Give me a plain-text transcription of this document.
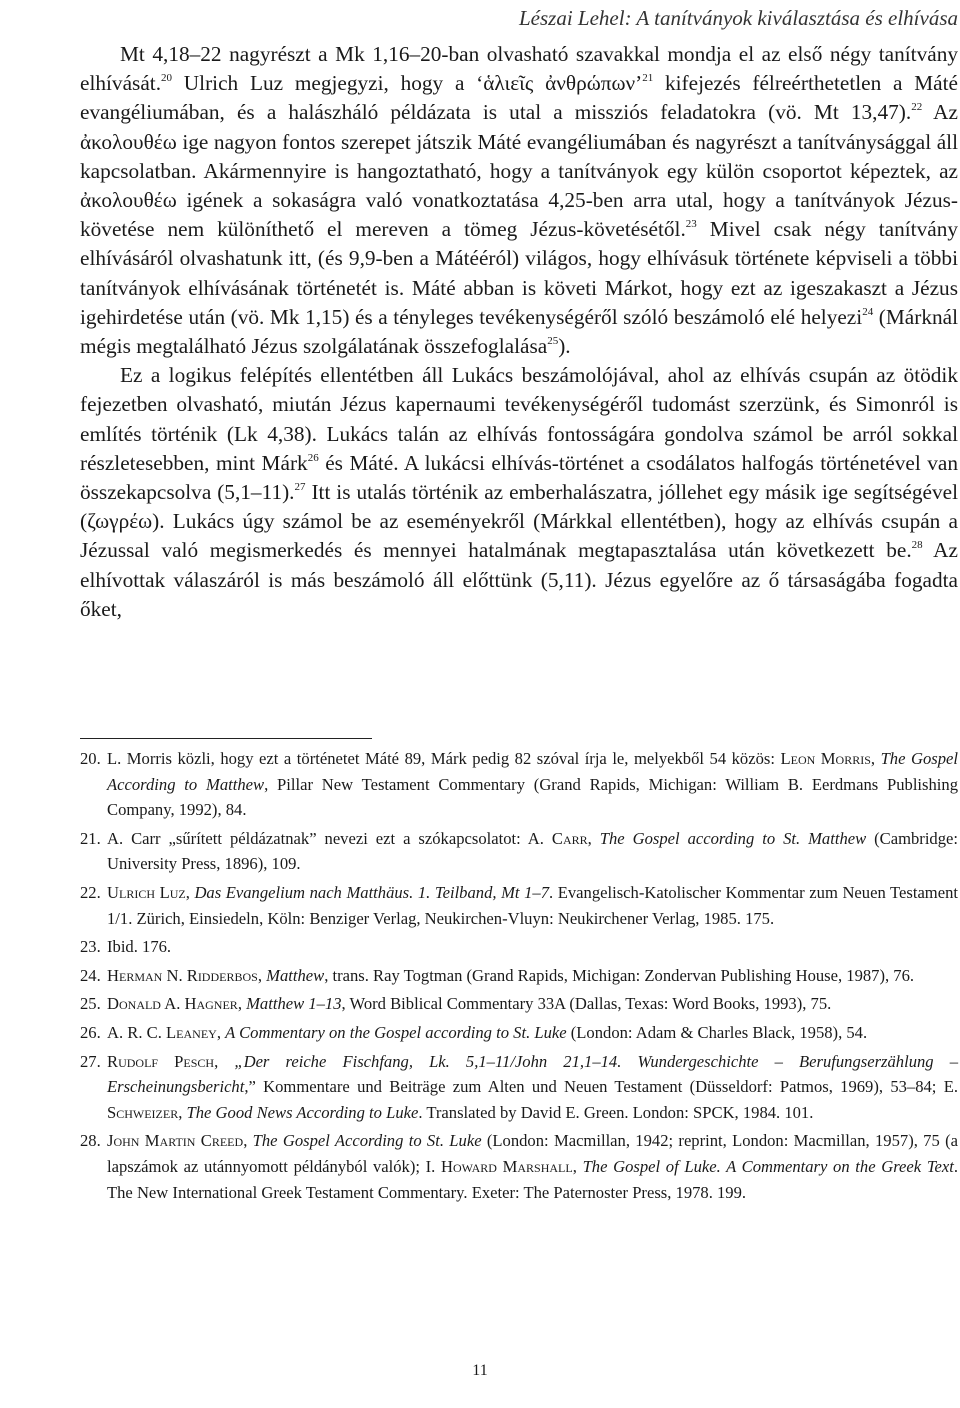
Lészai Lehel: A tanítványok kiválasztása és elhívása

Mt 4,18–22 nagyrészt a Mk 1,16–20-ban olvasható szavakkal mondja el az első négy tanítvány elhívását.$^{20}$ Ulrich Luz megjegyzi, hogy a ‘ἁλιεῖς ἀνθρώπων’$^{21}$ kifejezés félreérthetetlen a Máté evangéliumában, és a halászháló példázata is utal a missziós feladatokra (vö. Mt 13,47).$^{22}$ Az ἀκολουθέω ige nagyon fontos szerepet játszik Máté evangéliumában és nagyrészt a tanítványsággal áll kapcsolatban. Akármennyire is hangoztatható, hogy a tanítványok egy külön csoportot képeztek, az ἀκολουθέω igének a sokaságra való vonatkoztatása 4,25-ben arra utal, hogy a tanítványok Jézus-követése nem különíthető el mereven a tömeg Jézus-követésétől.$^{23}$ Mivel csak négy tanítvány elhívásáról olvashatunk itt, (és 9,9-ben a Mátééról) világos, hogy elhívásuk története képviseli a többi tanítványok elhívásának történetét is. Máté abban is követi Márkot, hogy ezt az igeszakaszt a Jézus igehirdetése után (vö. Mk 1,15) és a tényleges tevékenységéről szóló beszámoló elé helyezi$^{24}$ (Márknál mégis megtalálható Jézus szolgálatának összefoglalása$^{25}$).

Ez a logikus felépítés ellentétben áll Lukács beszámolójával, ahol az elhívás csupán az ötödik fejezetben olvasható, miután Jézus kapernaumi tevékenységéről tudomást szerzünk, és Simonról is említés történik (Lk 4,38). Lukács talán az elhívás fontosságára gondolva számol be arról sokkal részletesebben, mint Márk$^{26}$ és Máté. A lukácsi elhívás-történet a csodálatos halfogás történetével van összekapcsolva (5,1–11).$^{27}$ Itt is utalás történik az emberhalászatra, jóllehet egy másik ige segítségével (ζωγρέω). Lukács úgy számol be az eseményekről (Márkkal ellentétben), hogy az elhívás csupán a Jézussal való megismerkedés és mennyei hatalmának megtapasztalása után következett be.$^{28}$ Az elhívottak válaszáról is más beszámoló áll előttünk (5,11). Jézus egyelőre az ő társaságába fogadta őket,

20. L. Morris közli, hogy ezt a történetet Máté 89, Márk pedig 82 szóval írja le, melyekből 54 közös: Leon Morris, The Gospel According to Matthew, Pillar New Testament Commentary (Grand Rapids, Michigan: William B. Eerdmans Publishing Company, 1992), 84.
21. A. Carr „sűrített példázatnak” nevezi ezt a szókapcsolatot: A. Carr, The Gospel according to St. Matthew (Cambridge: University Press, 1896), 109.
22. Ulrich Luz, Das Evangelium nach Matthäus. 1. Teilband, Mt 1–7. Evangelisch-Katolischer Kommentar zum Neuen Testament 1/1. Zürich, Einsiedeln, Köln: Benziger Verlag, Neukirchen-Vluyn: Neukirchener Verlag, 1985. 175.
23. Ibid. 176.
24. Herman N. Ridderbos, Matthew, trans. Ray Togtman (Grand Rapids, Michigan: Zondervan Publishing House, 1987), 76.
25. Donald A. Hagner, Matthew 1–13, Word Biblical Commentary 33A (Dallas, Texas: Word Books, 1993), 75.
26. A. R. C. Leaney, A Commentary on the Gospel according to St. Luke (London: Adam & Charles Black, 1958), 54.
27. Rudolf Pesch, „Der reiche Fischfang, Lk. 5,1–11/John 21,1–14. Wundergeschichte – Berufungserzählung – Erscheinungsbericht,” Kommentare und Beiträge zum Alten und Neuen Testament (Düsseldorf: Patmos, 1969), 53–84; E. Schweizer, The Good News According to Luke. Translated by David E. Green. London: SPCK, 1984. 101.
28. John Martin Creed, The Gospel According to St. Luke (London: Macmillan, 1942; reprint, London: Macmillan, 1957), 75 (a lapszámok az utánnyomott példányból valók); I. Howard Marshall, The Gospel of Luke. A Commentary on the Greek Text. The New International Greek Testament Commentary. Exeter: The Paternoster Press, 1978. 199.
11
